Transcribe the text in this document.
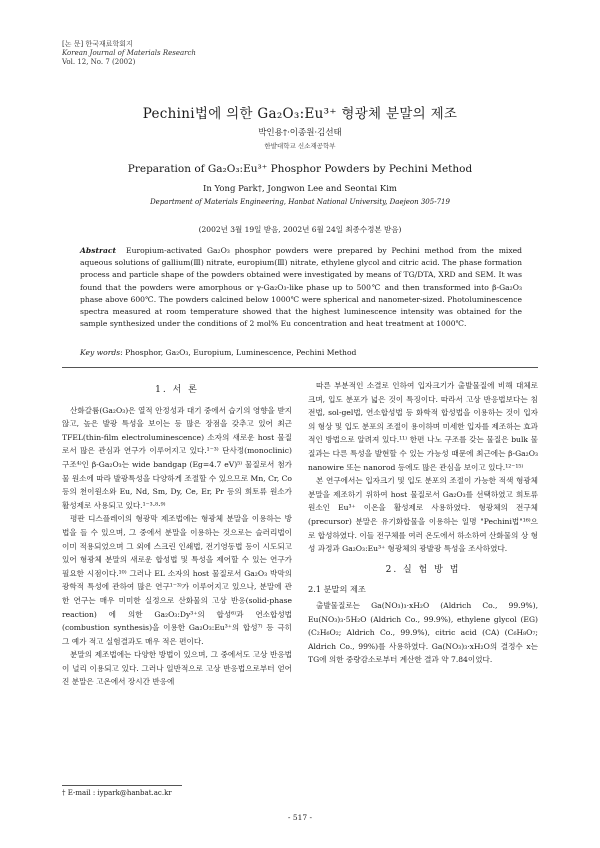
[논 문] 한국재료학회지
Korean Journal of Materials Research
Vol. 12, No. 7 (2002)
Pechini법에 의한 Ga₂O₃:Eu³⁺ 형광체 분말의 제조
박인용†·이종원·김선태
한밭대학교 신소재공학부
Preparation of Ga₂O₃:Eu³⁺ Phosphor Powders by Pechini Method
In Yong Park†, Jongwon Lee and Seontai Kim
Department of Materials Engineering, Hanbat National University, Daejeon 305-719
(2002년 3월 19일 받음, 2002년 6월 24일 최종수정본 받음)
Abstract Europium-activated Ga₂O₃ phosphor powders were prepared by Pechini method from the mixed aqueous solutions of gallium(Ⅲ) nitrate, europium(Ⅲ) nitrate, ethylene glycol and citric acid. The phase formation process and particle shape of the powders obtained were investigated by means of TG/DTA, XRD and SEM. It was found that the powders were amorphous or γ-Ga₂O₃-like phase up to 500℃ and then transformed into β-Ga₂O₃ phase above 600℃. The powders calcined below 1000℃ were spherical and nanometer-sized. Photoluminescence spectra measured at room temperature showed that the highest luminescence intensity was obtained for the sample synthesized under the conditions of 2 mol% Eu concentration and heat treatment at 1000℃.
Key words: Phosphor, Ga₂O₃, Europium, Luminescence, Pechini Method
1. 서 론

산화갈륨(Ga₂O₃)은 열적 안정성과 대기 중에서 습기의 영향을 받지 않고, 높은 발광 특성을 보이는 등 많은 장점을 갖추고 있어 최근 TFEL(thin-film electroluminescence) 소자의 새로운 host 물질로서 많은 관심과 연구가 이루어지고 있다.¹⁻³⁾ 단사정(monoclinic) 구조⁴⁾인 β-Ga₂O₃는 wide bandgap (Eg=4.7 eV)⁵⁾ 물질로서 첨가물 원소에 따라 발광특성을 다양하게 조절할 수 있으므로 Mn, Cr, Co 등의 천이원소와 Eu, Nd, Sm, Dy, Ce, Er, Pr 등의 희토류 원소가 활성제로 사용되고 있다.¹⁻³·⁸·⁹⁾

평판 디스플레이의 형광막 제조법에는 형광체 분말을 이용하는 방법을 들 수 있으며, 그 중에서 분말을 이용하는 것으로는 슬러리법이 이미 적용되었으며 그 외에 스크린 인쇄법, 전기영동법 등이 시도되고 있어 형광체 분말의 새로운 합성법 및 특성을 제어할 수 있는 연구가 필요한 시점이다.¹⁰⁾ 그러나 EL 소자의 host 물질로서 Ga₂O₃ 박막의 광학적 특성에 관하여 많은 연구¹⁻³⁾가 이루어지고 있으나, 분말에 관한 연구는 매우 미미한 실정으로 산화물의 고상 반응(solid-phase reaction) 에 의한 Ga₂O₃:Dy³⁺의 합성⁶⁾과 연소합성법(combustion synthesis)을 이용한 Ga₂O₃:Eu³⁺의 합성⁷⁾ 등 극히 그 예가 적고 실험결과도 매우 적은 편이다.

분말의 제조법에는 다양한 방법이 있으며, 그 중에서도 고상 반응법이 널리 이용되고 있다. 그러나 일반적으로 고상 반응법으로부터 얻어진 분말은 고온에서 장시간 반응에

따른 부분적인 소결로 인하여 입자크기가 출발물질에 비해 대체로 크며, 입도 분포가 넓은 것이 특징이다. 따라서 고상 반응법보다는 침전법, sol-gel법, 연소합성법 등 화학적 합성법을 이용하는 것이 입자의 형상 및 입도 분포의 조절이 용이하며 미세한 입자를 제조하는 효과적인 방법으로 알려져 있다.¹¹⁾ 한편 나노 구조를 갖는 물질은 bulk 물질과는 다른 특성을 발현할 수 있는 가능성 때문에 최근에는 β-Ga₂O₃ nanowire 또는 nanorod 등에도 많은 관심을 보이고 있다.¹²⁻¹⁵⁾

본 연구에서는 입자크기 및 입도 분포의 조절이 가능한 적색 형광체 분말을 제조하기 위하여 host 물질로서 Ga₂O₃를 선택하였고 희토류 원소인 Eu³⁺ 이온을 활성제로 사용하였다. 형광체의 전구체(precursor) 분말은 유기화합물을 이용하는 일명 "Pechini법"¹⁶⁾으로 합성하였다. 이들 전구체를 여러 온도에서 하소하여 산화물의 상 형성 과정과 Ga₂O₃:Eu³⁺ 형광체의 광발광 특성을 조사하였다.

2. 실 험 방 법
2.1 분말의 제조

출발물질로는 Ga(NO₃)₃·xH₂O (Aldrich Co., 99.9%), Eu(NO₃)₃·5H₂O (Aldrich Co., 99.9%), ethylene glycol (EG) (C₂H₆O₂; Aldrich Co., 99.9%), citric acid (CA) (C₆H₈O₇; Aldrich Co., 99%)를 사용하였다. Ga(NO₃)₃·xH₂O의 결정수 x는 TG에 의한 중량감소로부터 계산한 결과 약 7.84이었다.

† E-mail : iypark@hanbat.ac.kr
- 517 -
